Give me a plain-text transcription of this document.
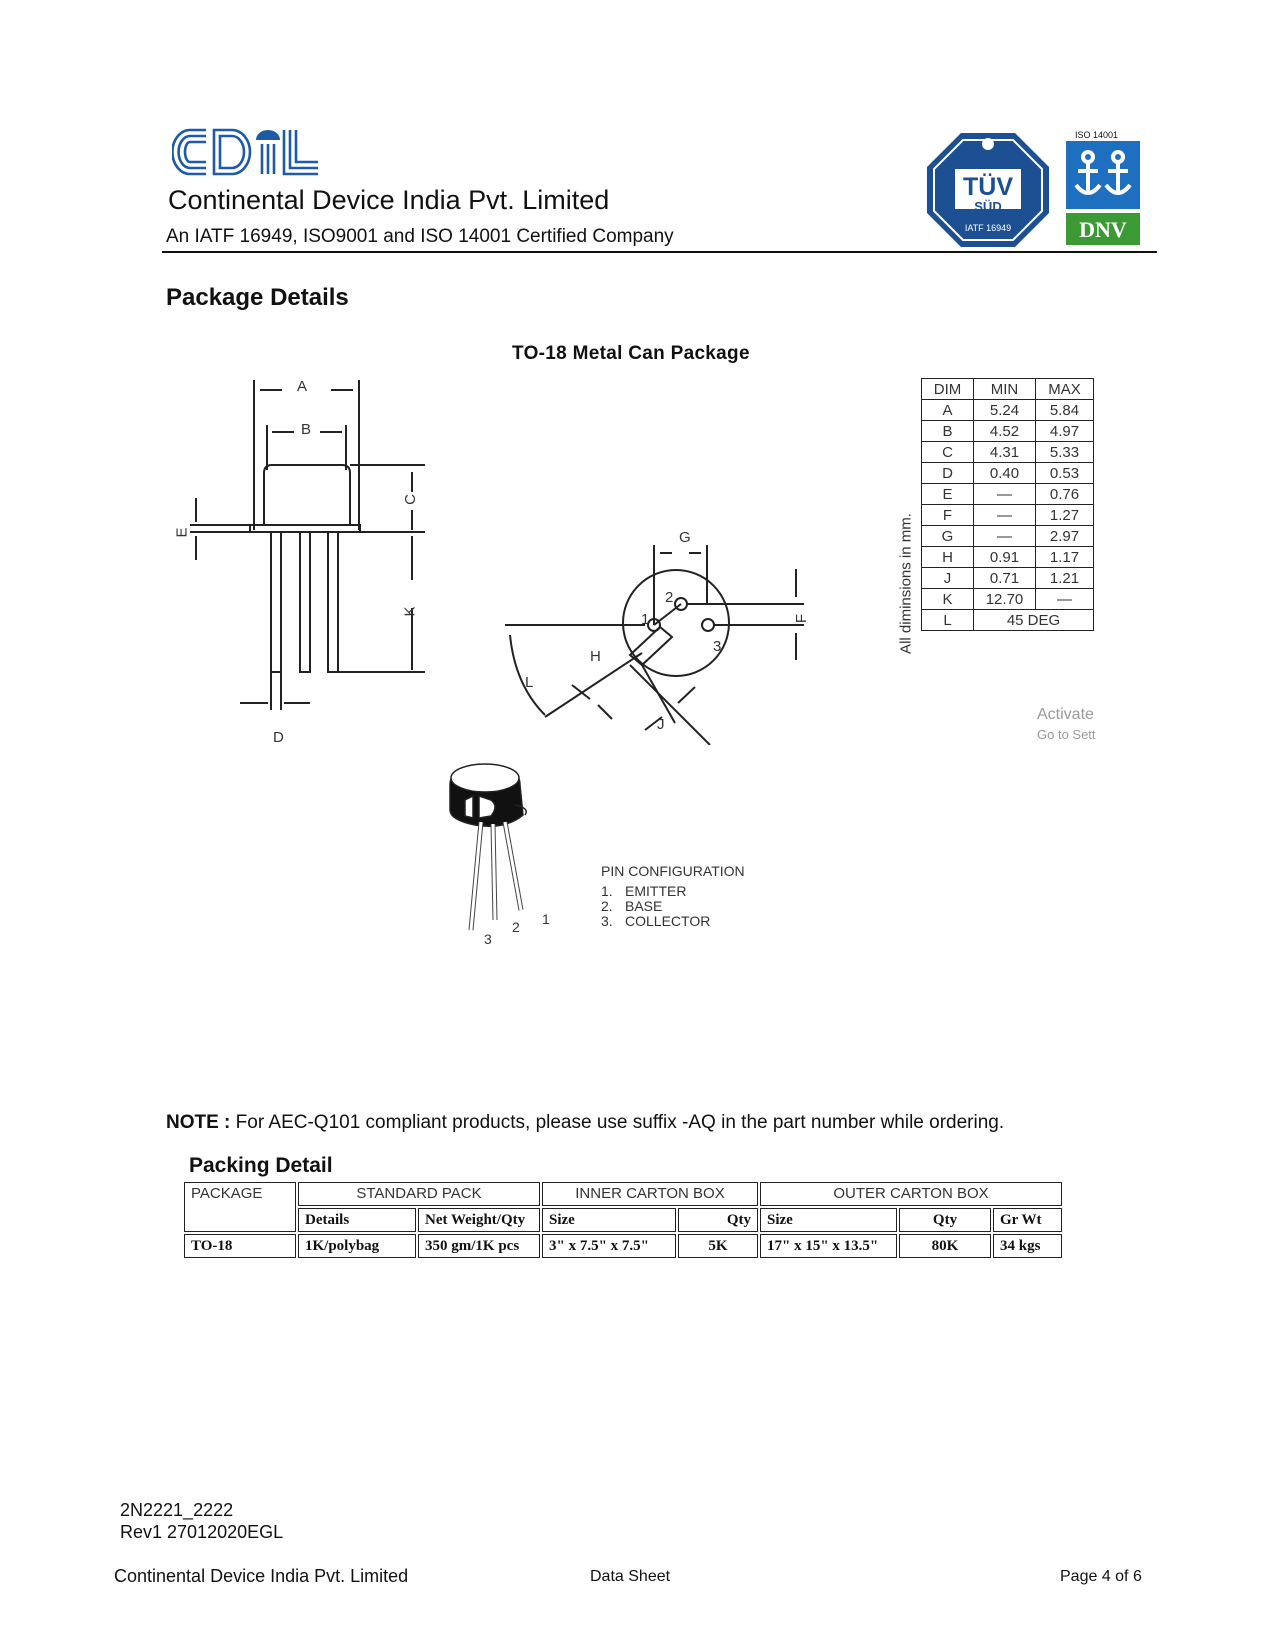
Continental Device India Pvt. Limited
An IATF 16949, ISO9001 and ISO 14001 Certified Company
TÜV
SÜD
IATF 16949
ISO 14001
DNV
Package Details
TO-18 Metal Can Package
A
B
C
E
K
D
G
2
1
3
F
H
L
J
All diminsions in mm.
DIM	MIN	MAX
A	5.24	5.84
B	4.52	4.97
C	4.31	5.33
D	0.40	0.53
E	—	0.76
F	—	1.27
G	—	2.97
H	0.91	1.17
J	0.71	1.21
K	12.70	—
L	45 DEG	
Activate
Go to Sett
1
2
3
PIN CONFIGURATION
1. EMITTER
2. BASE
3. COLLECTOR
NOTE : For AEC-Q101 compliant products, please use suffix -AQ in the part number while ordering.
Packing Detail
PACKAGE	STANDARD PACK		INNER CARTON BOX		OUTER CARTON BOX		
	Details	Net Weight/Qty	Size	Qty	Size	Qty	Gr Wt
TO-18	1K/polybag	350 gm/1K pcs	3" x 7.5" x 7.5"	5K	17" x 15" x 13.5"	80K	34 kgs
2N2221_2222
Rev1 27012020EGL
Continental Device India Pvt. Limited	Data Sheet	Page 4 of 6
